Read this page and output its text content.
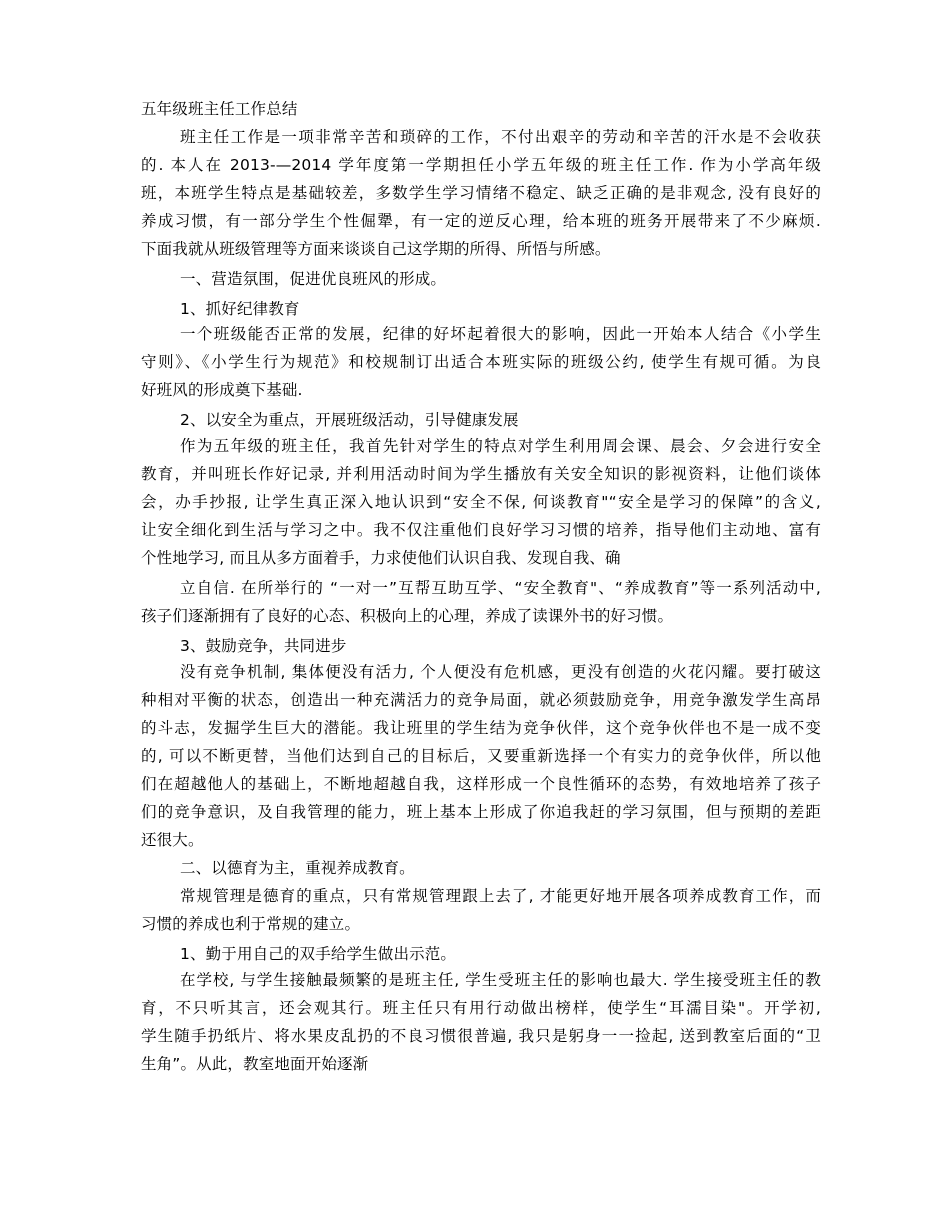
五年级班主任工作总结
班主任工作是一项非常辛苦和琐碎的工作，不付出艰辛的劳动和辛苦的汗水是不会收获
的. 本人在 2013-—2014 学年度第一学期担任小学五年级的班主任工作. 作为小学高年级
班，本班学生特点是基础较差，多数学生学习情绪不稳定、缺乏正确的是非观念, 没有良好的
养成习惯，有一部分学生个性倔犟，有一定的逆反心理，给本班的班务开展带来了不少麻烦.
下面我就从班级管理等方面来谈谈自己这学期的所得、所悟与所感。
一、营造氛围，促进优良班风的形成。
1、抓好纪律教育
一个班级能否正常的发展，纪律的好坏起着很大的影响，因此一开始本人结合《小学生
守则》、《小学生行为规范》和校规制订出适合本班实际的班级公约, 使学生有规可循。为良
好班风的形成奠下基础.
2、以安全为重点，开展班级活动，引导健康发展
作为五年级的班主任，我首先针对学生的特点对学生利用周会课、晨会、夕会进行安全
教育，并叫班长作好记录, 并利用活动时间为学生播放有关安全知识的影视资料，让他们谈体
会，办手抄报, 让学生真正深入地认识到“安全不保, 何谈教育"“安全是学习的保障”的含义,
让安全细化到生活与学习之中。我不仅注重他们良好学习习惯的培养，指导他们主动地、富有
个性地学习, 而且从多方面着手，力求使他们认识自我、发现自我、确
立自信. 在所举行的 “一对一”互帮互助互学、“安全教育"、“养成教育”等一系列活动中,
孩子们逐渐拥有了良好的心态、积极向上的心理，养成了读课外书的好习惯。
3、鼓励竞争，共同进步
没有竞争机制, 集体便没有活力, 个人便没有危机感，更没有创造的火花闪耀。要打破这
种相对平衡的状态，创造出一种充满活力的竞争局面，就必须鼓励竞争，用竞争激发学生高昂
的斗志，发掘学生巨大的潜能。我让班里的学生结为竞争伙伴，这个竞争伙伴也不是一成不变
的, 可以不断更替，当他们达到自己的目标后，又要重新选择一个有实力的竞争伙伴，所以他
们在超越他人的基础上，不断地超越自我，这样形成一个良性循环的态势，有效地培养了孩子
们的竞争意识，及自我管理的能力，班上基本上形成了你追我赶的学习氛围，但与预期的差距
还很大。
二、以德育为主，重视养成教育。
常规管理是德育的重点，只有常规管理跟上去了, 才能更好地开展各项养成教育工作，而
习惯的养成也利于常规的建立。
1、勤于用自己的双手给学生做出示范。
在学校, 与学生接触最频繁的是班主任, 学生受班主任的影响也最大. 学生接受班主任的教
育，不只听其言，还会观其行。班主任只有用行动做出榜样，使学生“耳濡目染"。开学初,
学生随手扔纸片、将水果皮乱扔的不良习惯很普遍, 我只是躬身一一捡起, 送到教室后面的“卫
生角”。从此，教室地面开始逐渐
